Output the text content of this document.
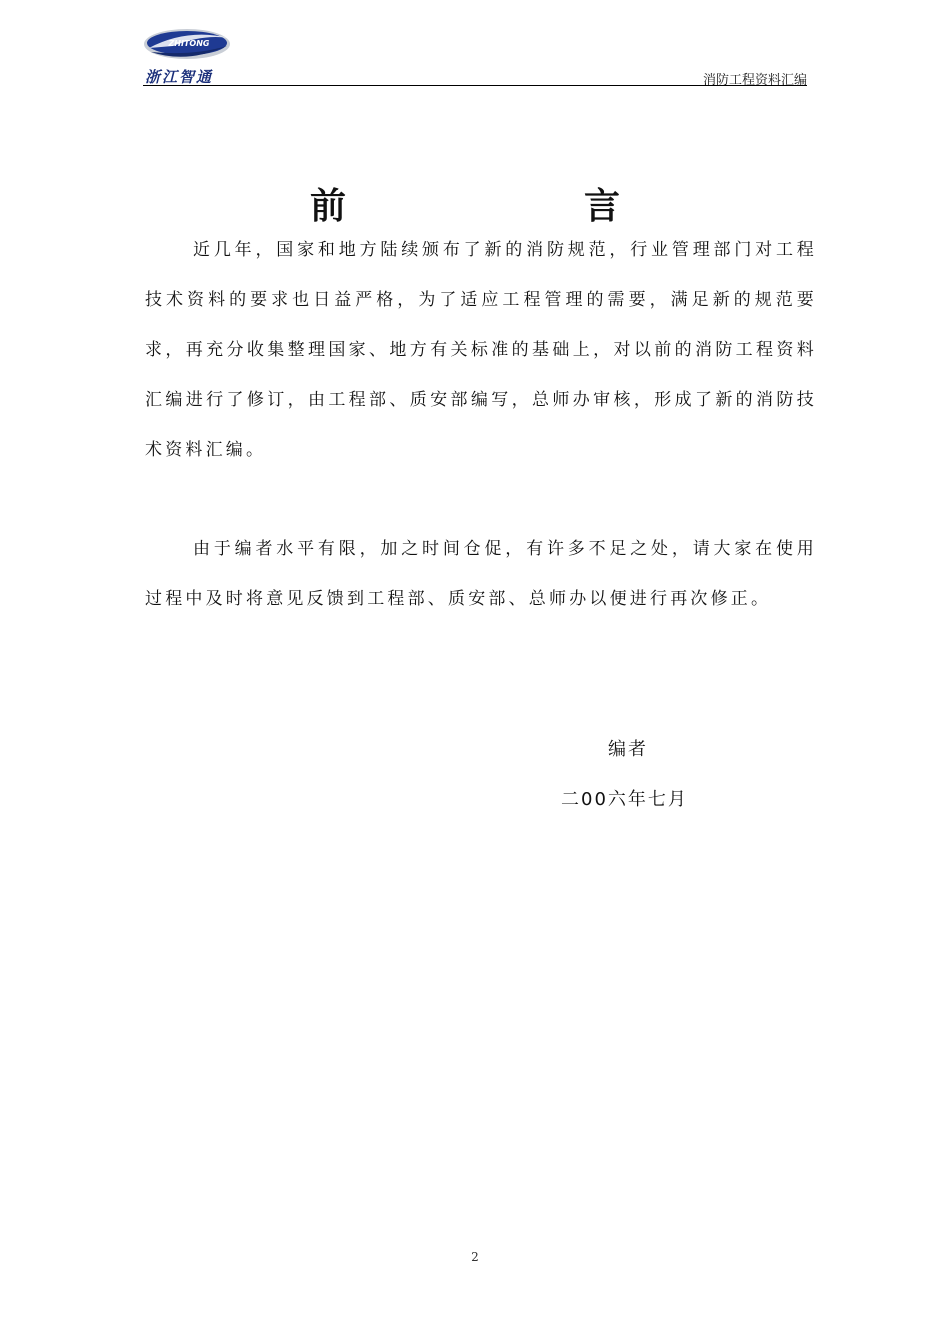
ZHITONG
浙江智通	消防工程资料汇编
前	言

近几年，国家和地方陆续颁布了新的消防规范，行业管理部门对工程技术资料的要求也日益严格，为了适应工程管理的需要，满足新的规范要求，再充分收集整理国家、地方有关标准的基础上，对以前的消防工程资料汇编进行了修订，由工程部、质安部编写，总师办审核，形成了新的消防技术资料汇编。

由于编者水平有限，加之时间仓促，有许多不足之处，请大家在使用过程中及时将意见反馈到工程部、质安部、总师办以便进行再次修正。

编者
二00六年七月
2
